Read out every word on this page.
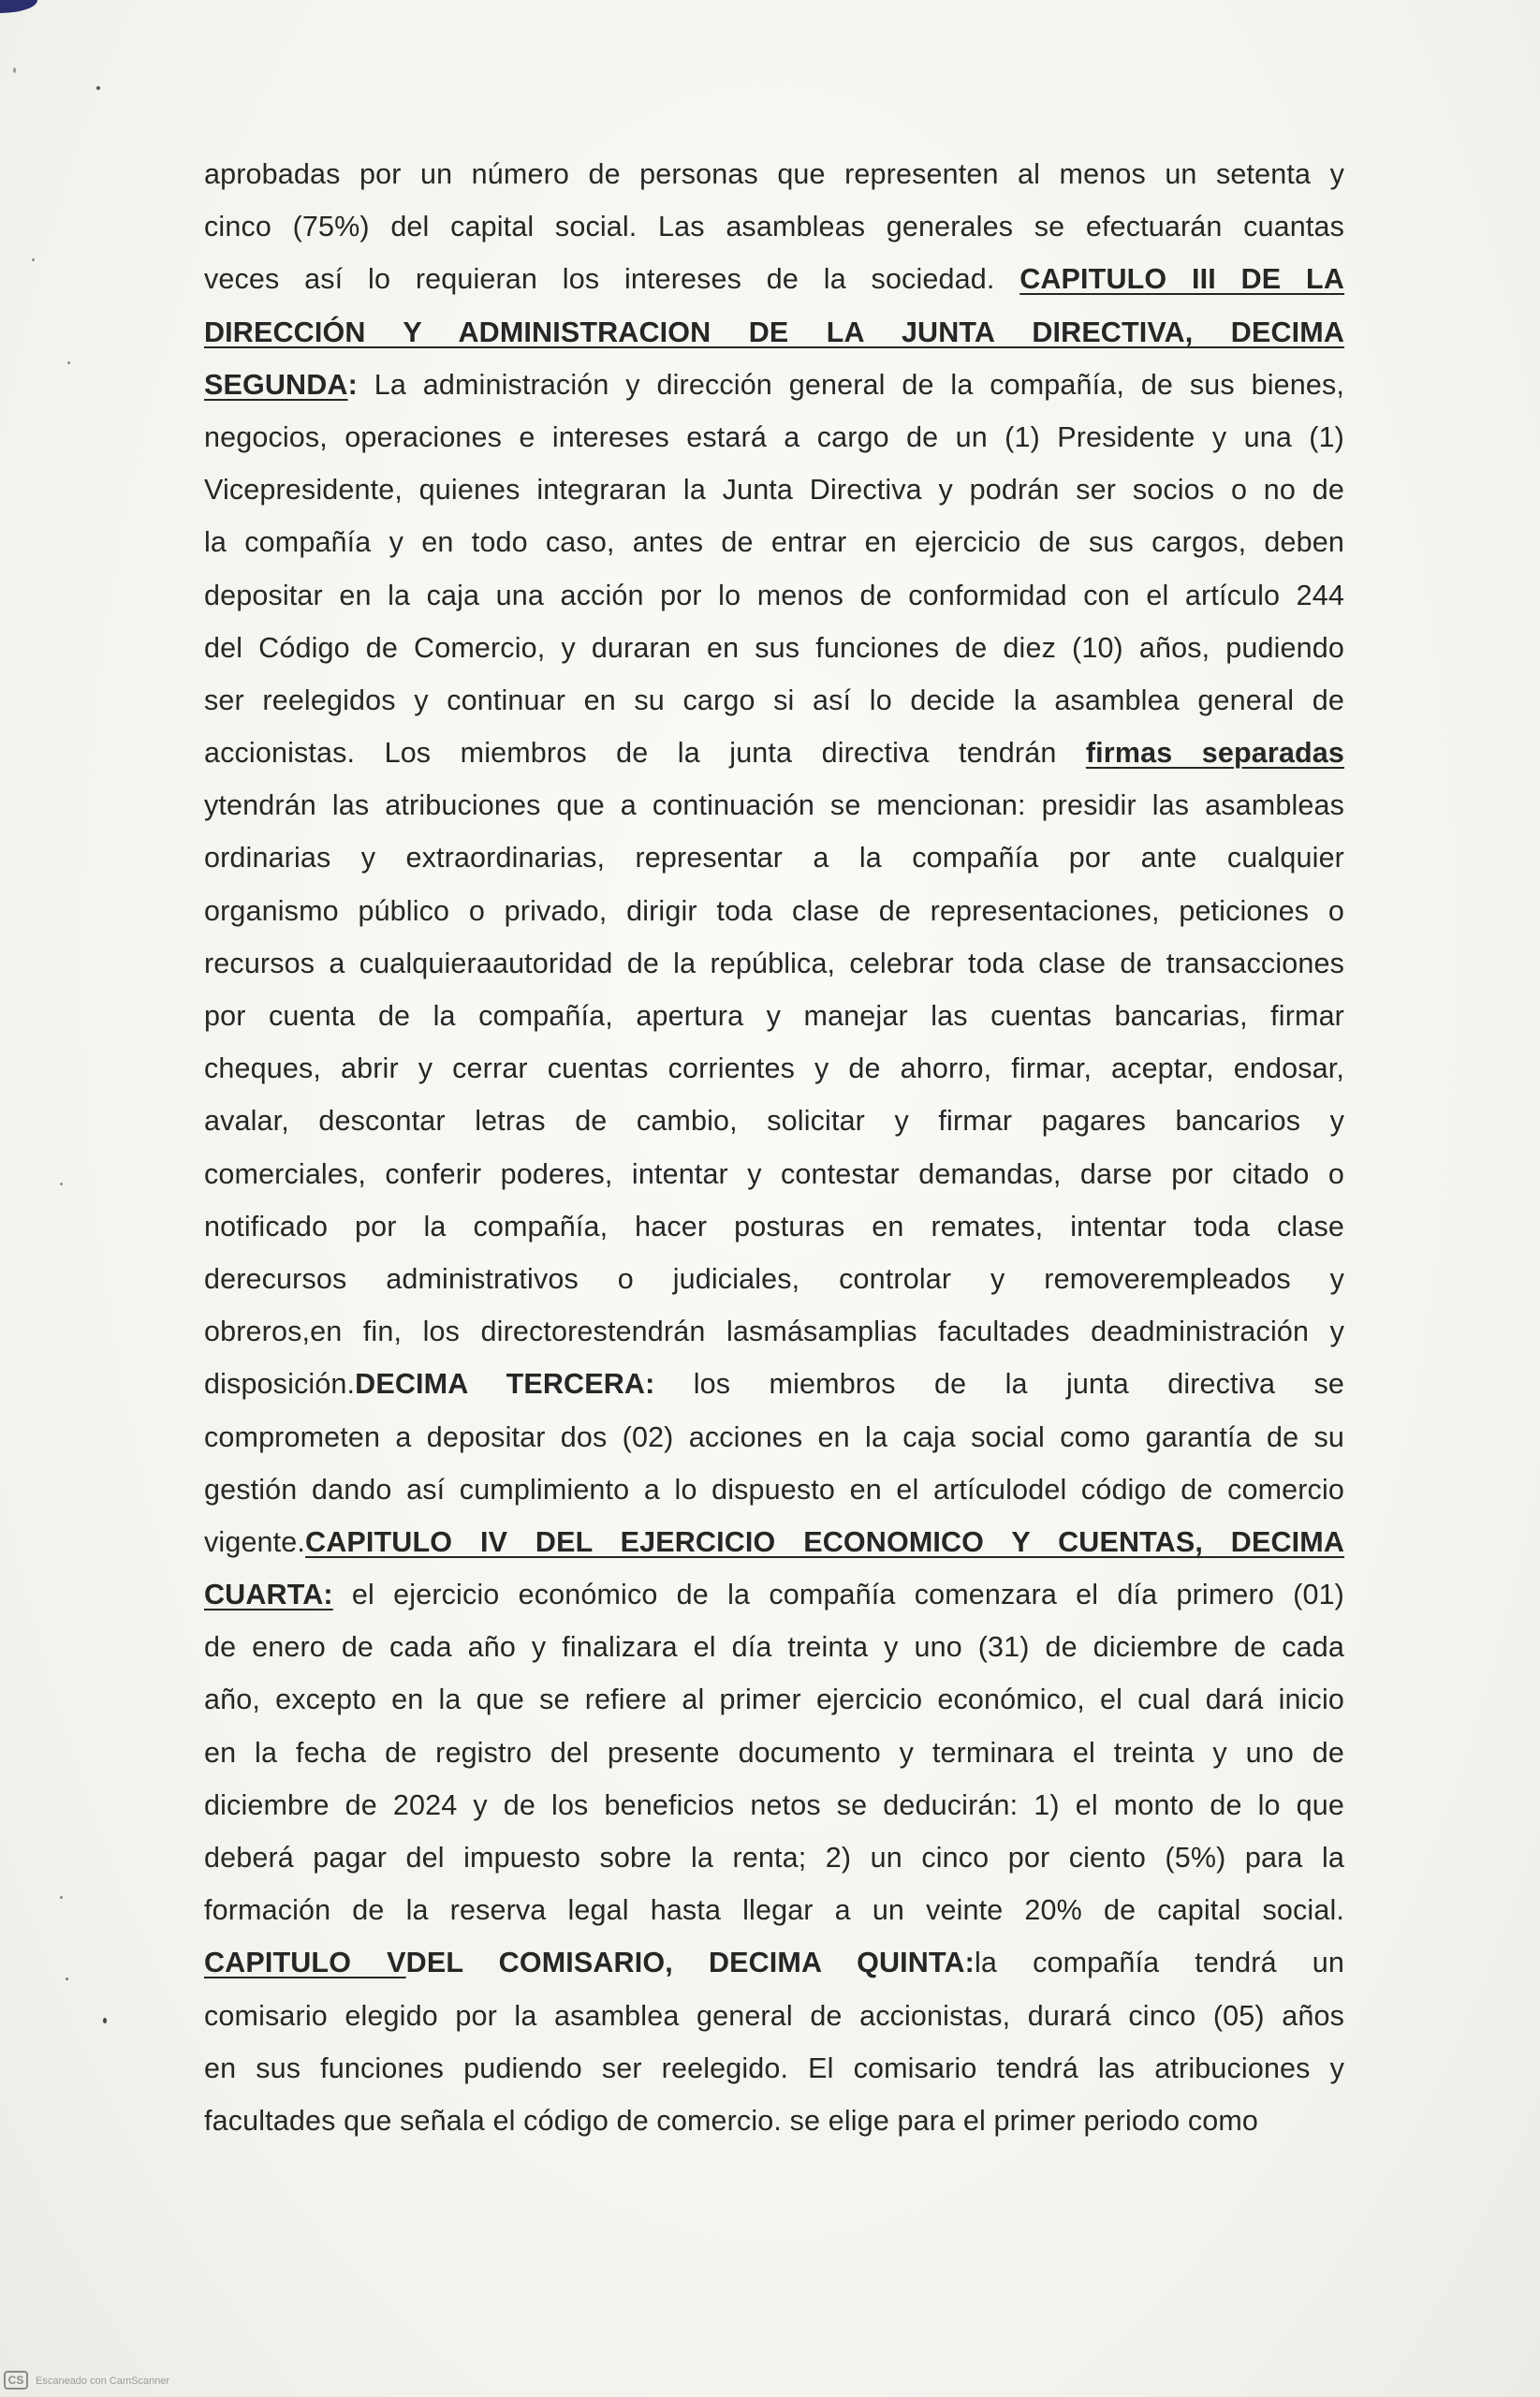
aprobadas por un número de personas que representen al menos un setenta y
cinco (75%) del capital social. Las asambleas generales se efectuarán cuantas
veces así lo requieran los intereses de la sociedad. CAPITULO III DE LA
DIRECCIÓN Y ADMINISTRACION DE LA JUNTA DIRECTIVA, DECIMA
SEGUNDA: La administración y dirección general de la compañía, de sus bienes,
negocios, operaciones e intereses estará a cargo de un (1) Presidente y una (1)
Vicepresidente, quienes integraran la Junta Directiva y podrán ser socios o no de
la compañía y en todo caso, antes de entrar en ejercicio de sus cargos, deben
depositar en la caja una acción por lo menos de conformidad con el artículo 244
del Código de Comercio, y duraran en sus funciones de diez (10) años, pudiendo
ser reelegidos y continuar en su cargo si así lo decide la asamblea general de
accionistas. Los miembros de la junta directiva tendrán firmas separadas
ytendrán las atribuciones que a continuación se mencionan: presidir las asambleas
ordinarias y extraordinarias, representar a la compañía por ante cualquier
organismo público o privado, dirigir toda clase de representaciones, peticiones o
recursos a cualquieraautoridad de la república, celebrar toda clase de transacciones
por cuenta de la compañía, apertura y manejar las cuentas bancarias, firmar
cheques, abrir y cerrar cuentas corrientes y de ahorro, firmar, aceptar, endosar,
avalar, descontar letras de cambio, solicitar y firmar pagares bancarios y
comerciales, conferir poderes, intentar y contestar demandas, darse por citado o
notificado por la compañía, hacer posturas en remates, intentar toda clase
derecursos administrativos o judiciales, controlar y removerempleados y
obreros,en fin, los directorestendrán lasmásamplias facultades deadministración y
disposición.DECIMA TERCERA: los miembros de la junta directiva se
comprometen a depositar dos (02) acciones en la caja social como garantía de su
gestión dando así cumplimiento a lo dispuesto en el artículodel código de comercio
vigente.CAPITULO IV DEL EJERCICIO ECONOMICO Y CUENTAS, DECIMA
CUARTA: el ejercicio económico de la compañía comenzara el día primero (01)
de enero de cada año y finalizara el día treinta y uno (31) de diciembre de cada
año, excepto en la que se refiere al primer ejercicio económico, el cual dará inicio
en la fecha de registro del presente documento y terminara el treinta y uno de
diciembre de 2024 y de los beneficios netos se deducirán: 1) el monto de lo que
deberá pagar del impuesto sobre la renta; 2) un cinco por ciento (5%) para la
formación de la reserva legal hasta llegar a un veinte 20% de capital social.
CAPITULO VDEL COMISARIO, DECIMA QUINTA:la compañía tendrá un
comisario elegido por la asamblea general de accionistas, durará cinco (05) años
en sus funciones pudiendo ser reelegido. El comisario tendrá las atribuciones y
facultades que señala el código de comercio. se elige para el primer periodo como
CS	Escaneado con CamScanner
